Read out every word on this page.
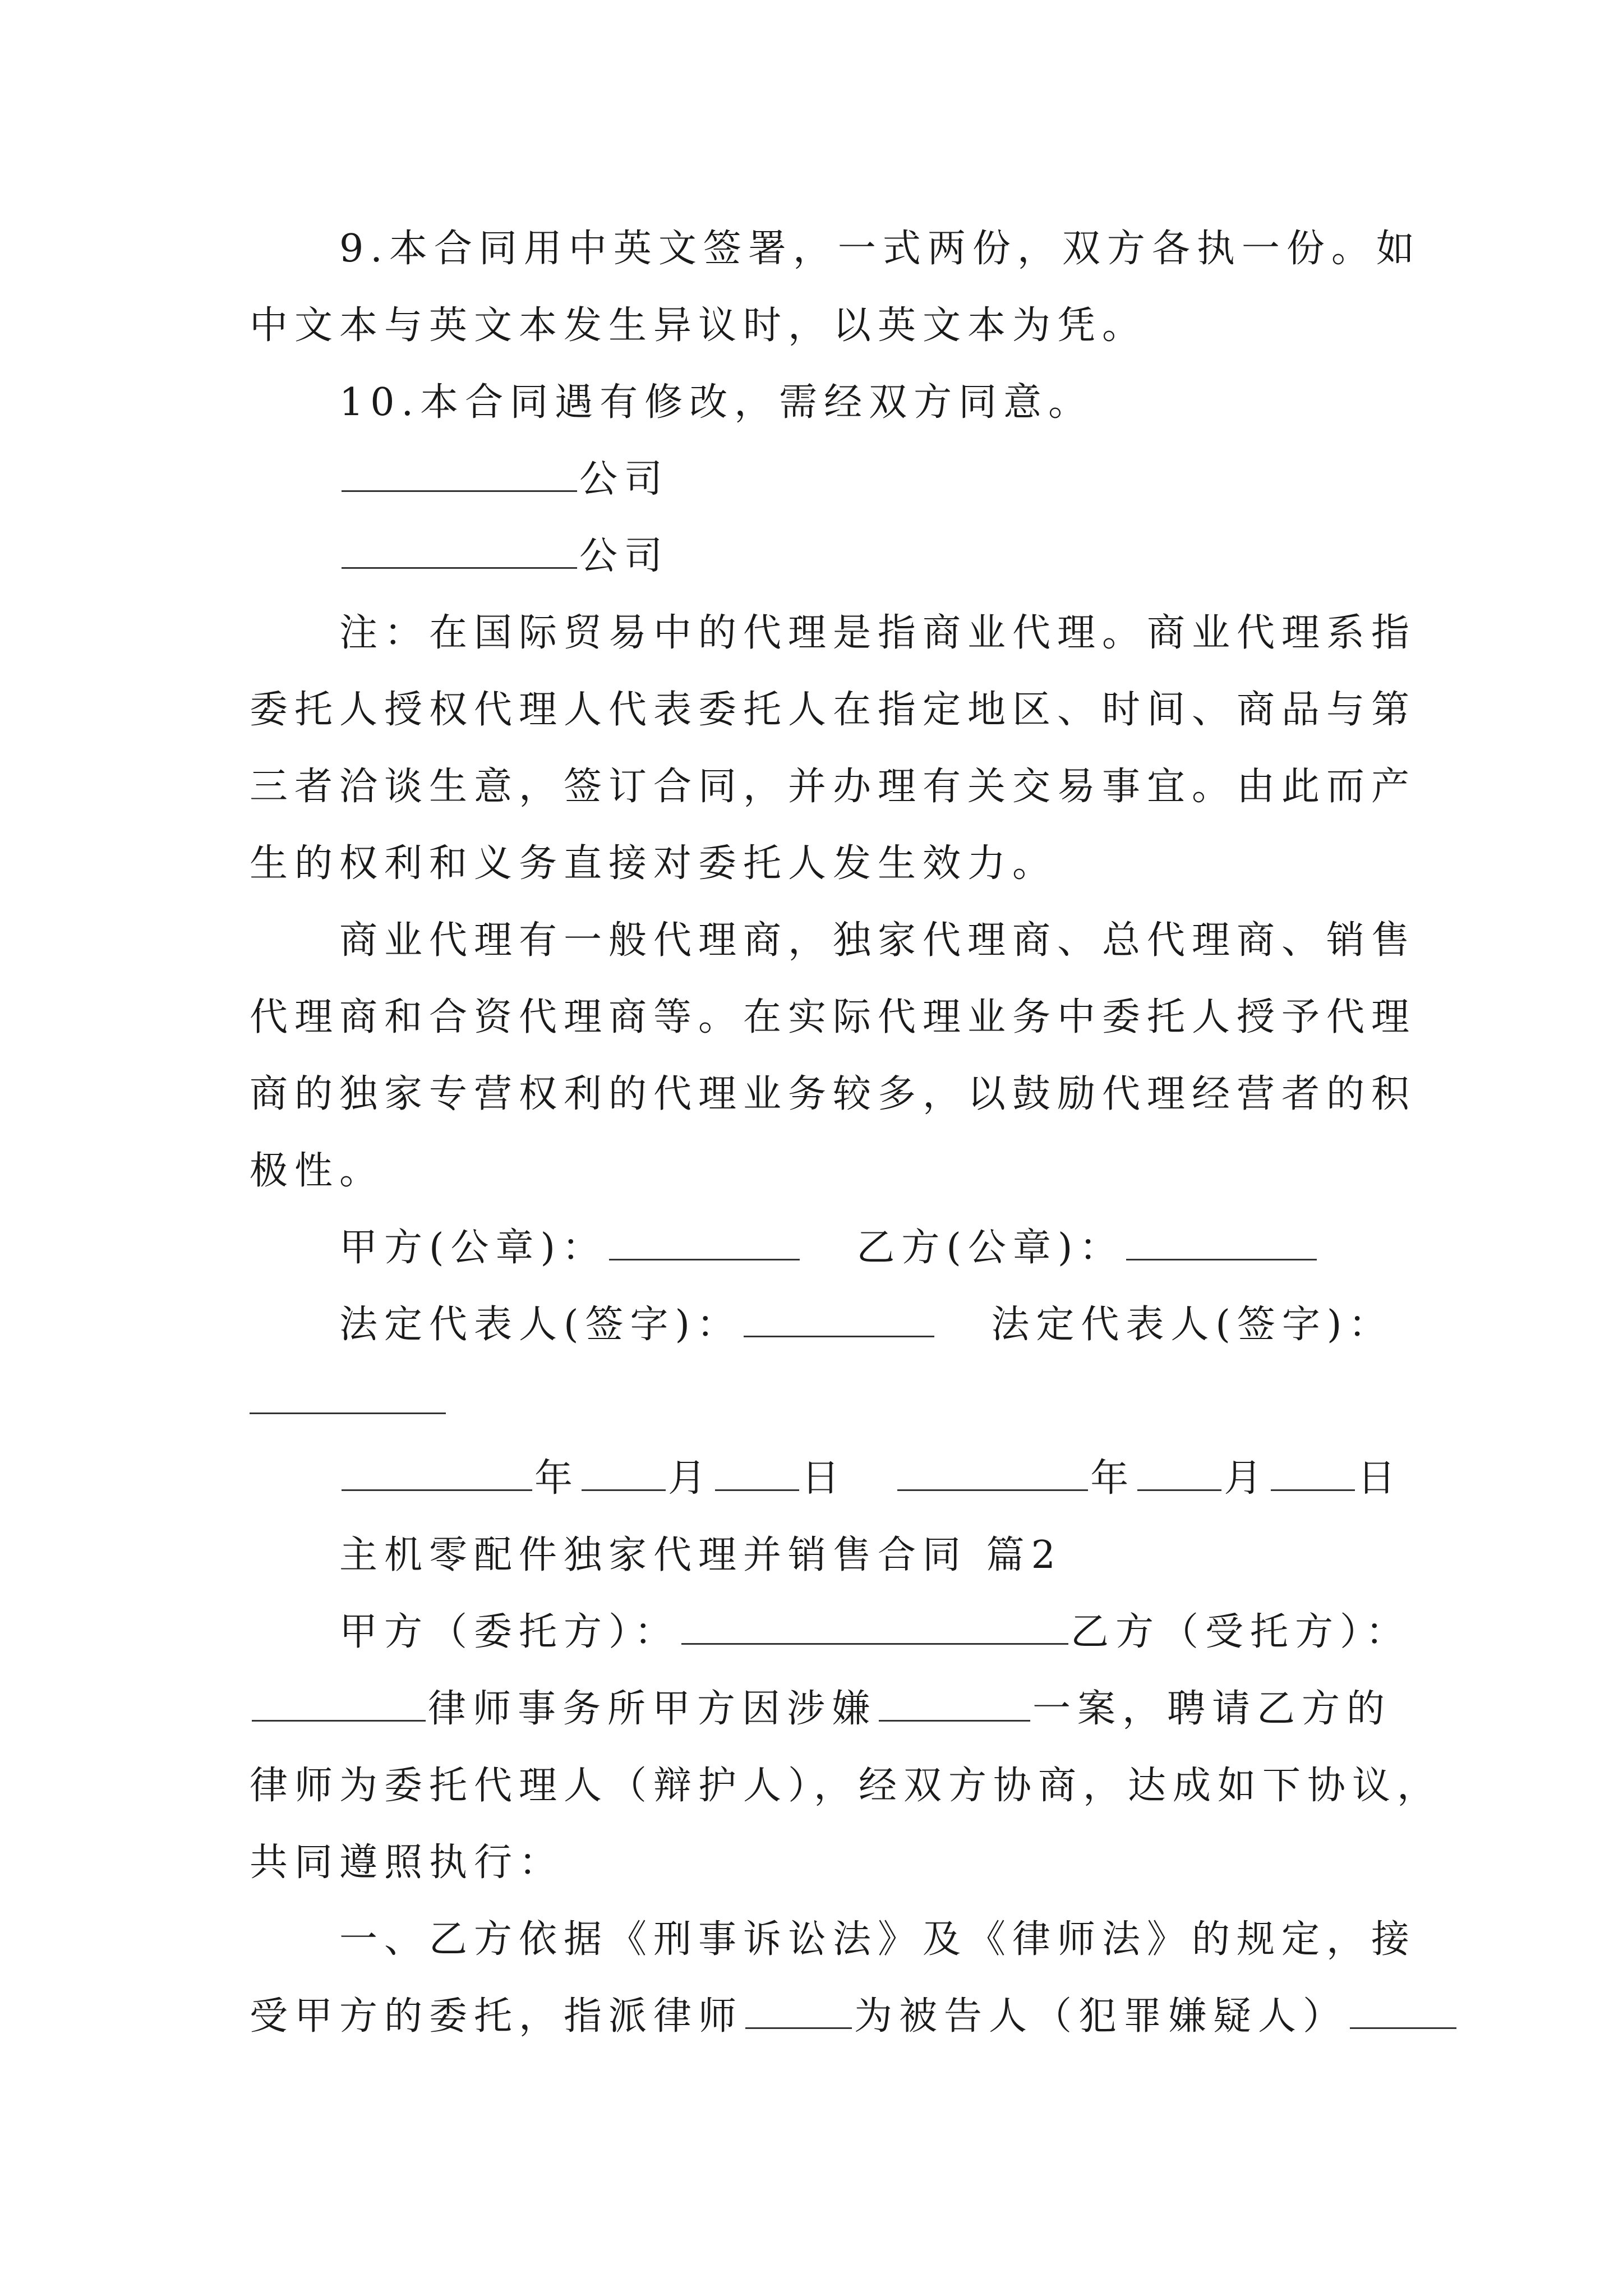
9.本合同用中英文签署，一式两份，双方各执一份。如
中文本与英文本发生异议时，以英文本为凭。
10.本合同遇有修改，需经双方同意。
公司
公司
注：在国际贸易中的代理是指商业代理。商业代理系指
委托人授权代理人代表委托人在指定地区、时间、商品与第
三者洽谈生意，签订合同，并办理有关交易事宜。由此而产
生的权利和义务直接对委托人发生效力。
商业代理有一般代理商，独家代理商、总代理商、销售
代理商和合资代理商等。在实际代理业务中委托人授予代理
商的独家专营权利的代理业务较多，以鼓励代理经营者的积
极性。
甲方(公章)：	乙方(公章)：
法定代表人(签字)：	法定代表人(签字)：
年 月 日	年 月 日
主机零配件独家代理并销售合同 篇2
甲方（委托方）：	乙方（受托方）：
律师事务所甲方因涉嫌	一案，聘请乙方的
律师为委托代理人（辩护人），经双方协商，达成如下协议，
共同遵照执行：
一、乙方依据《刑事诉讼法》及《律师法》的规定，接
受甲方的委托，指派律师	为被告人（犯罪嫌疑人）
